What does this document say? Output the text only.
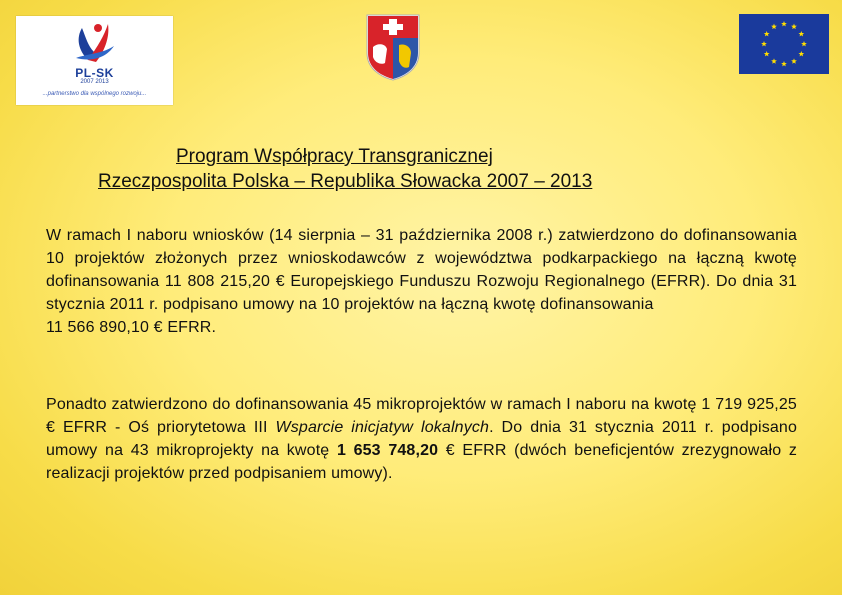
PL-SK
2007 2013
...partnerstwo dla wspólnego rozwoju...
Program Współpracy Transgranicznej
Rzeczpospolita Polska – Republika Słowacka 2007 – 2013
W ramach I naboru wniosków (14 sierpnia – 31 października 2008 r.) zatwierdzono do dofinansowania 10 projektów złożonych przez wnioskodawców z województwa podkarpackiego na łączną kwotę dofinansowania 11 808 215,20 € Europejskiego Funduszu Rozwoju Regionalnego (EFRR). Do dnia 31 stycznia 2011 r. podpisano umowy na 10 projektów na łączną kwotę dofinansowania
11 566 890,10 € EFRR.
Ponadto zatwierdzono do dofinansowania 45 mikroprojektów w ramach I naboru na kwotę 1 719 925,25 € EFRR - Oś priorytetowa III Wsparcie inicjatyw lokalnych. Do dnia 31 stycznia 2011 r. podpisano umowy na 43 mikroprojekty na kwotę 1 653 748,20 € EFRR (dwóch beneficjentów zrezygnowało z realizacji projektów przed podpisaniem umowy).
